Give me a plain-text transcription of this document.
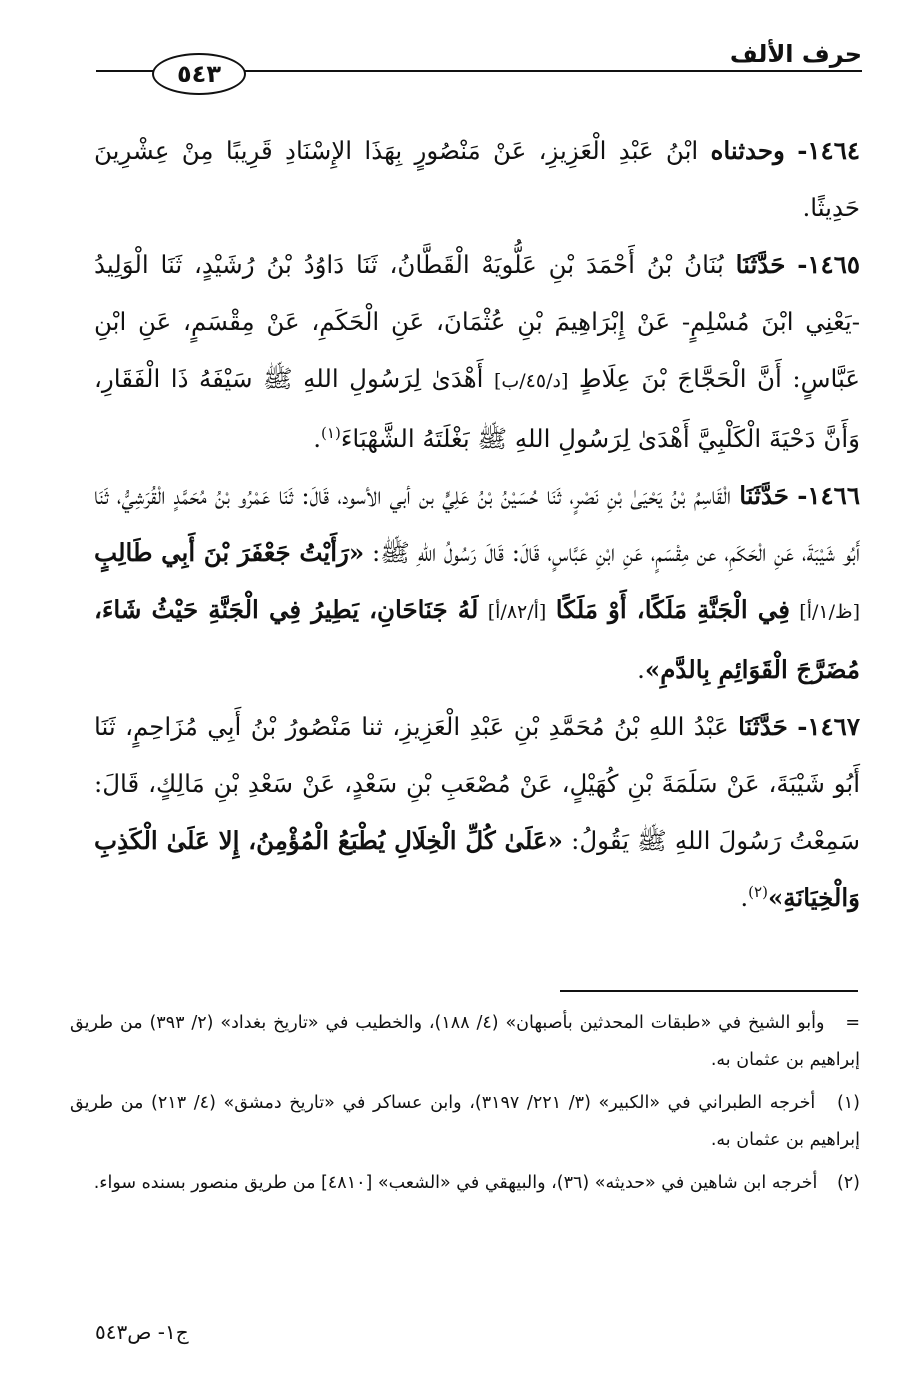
حرف الألف
٥٤٣

١٤٦٤- وحدثناه ابْنُ عَبْدِ الْعَزِيزِ، عَنْ مَنْصُورٍ بِهَذَا الإِسْنَادِ قَرِيبًا مِنْ عِشْرِينَ حَدِيثًا.

١٤٦٥- حَدَّثَنَا بُنَانُ بْنُ أَحْمَدَ بْنِ عَلُّويَهْ الْقَطَّانُ، ثَنَا دَاوُدُ بْنُ رُشَيْدٍ، ثَنَا الْوَلِيدُ -يَعْنِي ابْنَ مُسْلِمٍ- عَنْ إِبْرَاهِيمَ بْنِ عُثْمَانَ، عَنِ الْحَكَمِ، عَنْ مِقْسَمٍ، عَنِ ابْنِ عَبَّاسٍ: أَنَّ الْحَجَّاجَ بْنَ عِلَاطٍ [د/٤٥/ب] أَهْدَىٰ لِرَسُولِ اللهِ ﷺ سَيْفَهُ ذَا الْفَقَارِ، وَأَنَّ دَحْيَةَ الْكَلْبِيَّ أَهْدَىٰ لِرَسُولِ اللهِ ﷺ بَغْلَتَهُ الشَّهْبَاءَ$^{(١)}$.

١٤٦٦- حَدَّثَنَا الْقَاسِمُ بْنُ يَحْيَىٰ بْنِ نَصْرٍ، ثَنَا حُسَيْنُ بْنُ عَلِيٍّ بن أبي الأسود، قَالَ: ثَنَا عَمْرُو بْنُ مُحَمَّدٍ الْقُرَشِيُّ، ثَنَا أَبُو شَيْبَةَ، عَنِ الْحَكَمِ، عن مِقْسَمٍ، عَنِ ابْنِ عَبَّاسٍ، قَالَ: قَالَ رَسُولُ اللهِ ﷺ: «رَأَيْتُ جَعْفَرَ بْنَ أَبِي طَالِبٍ [ظ/١/أ] فِي الْجَنَّةِ مَلَكًا، أَوْ مَلَكًا [أ/٨٢/أ] لَهُ جَنَاحَانِ، يَطِيرُ فِي الْجَنَّةِ حَيْثُ شَاءَ، مُضَرَّجَ الْقَوَائِمِ بِالدَّمِ».

١٤٦٧- حَدَّثَنَا عَبْدُ اللهِ بْنُ مُحَمَّدِ بْنِ عَبْدِ الْعَزِيزِ، ثنا مَنْصُورُ بْنُ أَبِي مُزَاحِمٍ، ثَنَا أَبُو شَيْبَةَ، عَنْ سَلَمَةَ بْنِ كُهَيْلٍ، عَنْ مُصْعَبِ بْنِ سَعْدٍ، عَنْ سَعْدِ بْنِ مَالِكٍ، قَالَ: سَمِعْتُ رَسُولَ اللهِ ﷺ يَقُولُ: «عَلَىٰ كُلِّ الْخِلَالِ يُطْبَعُ الْمُؤْمِنُ، إِلا عَلَىٰ الْكَذِبِ وَالْخِيَانَةِ»$^{(٢)}$.

= وأبو الشيخ في «طبقات المحدثين بأصبهان» (٤/ ١٨٨)، والخطيب في «تاريخ بغداد» (٢/ ٣٩٣) من طريق إبراهيم بن عثمان به.

(١) أخرجه الطبراني في «الكبير» (٣/ ٢٢١/ ٣١٩٧)، وابن عساكر في «تاريخ دمشق» (٤/ ٢١٣) من طريق إبراهيم بن عثمان به.

(٢) أخرجه ابن شاهين في «حديثه» (٣٦)، والبيهقي في «الشعب» [٤٨١٠] من طريق منصور بسنده سواء.

ج١- ص٥٤٣
